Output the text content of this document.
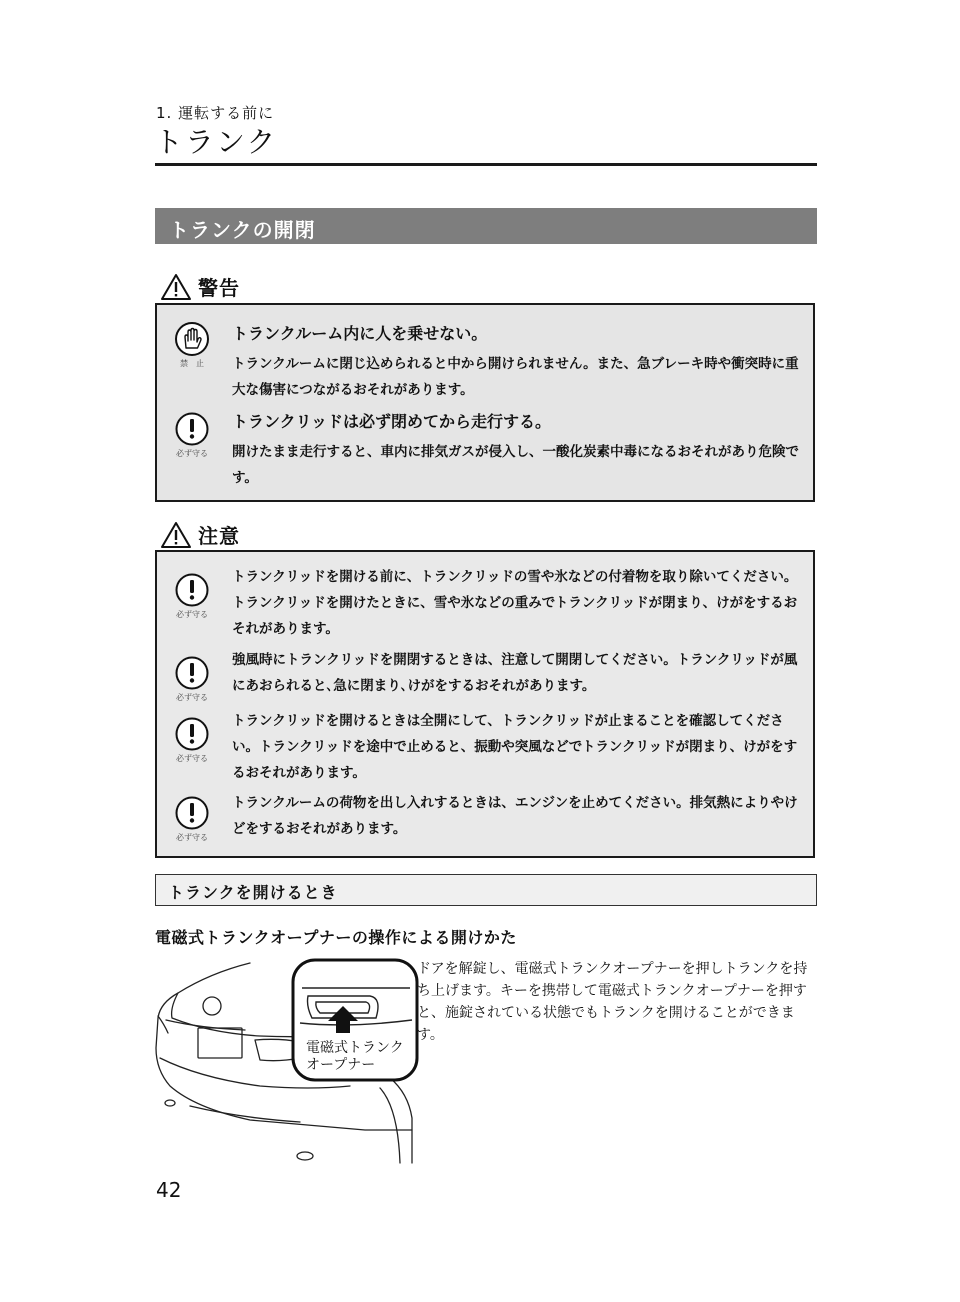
1. 運転する前に
トランク
トランクの開閉
警告
禁　止
トランクルーム内に人を乗せない。
トランクルームに閉じ込められると中から開けられません。また、急ブレーキ時や衝突時に重大な傷害につながるおそれがあります。
必ず守る
トランクリッドは必ず閉めてから走行する。
開けたまま走行すると、車内に排気ガスが侵入し、一酸化炭素中毒になるおそれがあり危険です。
注意
必ず守る
トランクリッドを開ける前に、トランクリッドの雪や氷などの付着物を取り除いてください。トランクリッドを開けたときに、雪や氷などの重みでトランクリッドが閉まり、けがをするおそれがあります。
必ず守る
強風時にトランクリッドを開閉するときは、注意して開閉してください。トランクリッドが風にあおられると､急に閉まり､けがをするおそれがあります。
必ず守る
トランクリッドを開けるときは全開にして、トランクリッドが止まることを確認してください。トランクリッドを途中で止めると、振動や突風などでトランクリッドが閉まり、けがをするおそれがあります。
必ず守る
トランクルームの荷物を出し入れするときは、エンジンを止めてください。排気熱によりやけどをするおそれがあります。
トランクを開けるとき
電磁式トランクオープナーの操作による開けかた
電磁式トランク
オープナー
ドアを解錠し、電磁式トランクオープナーを押しトランクを持ち上げます。キーを携帯して電磁式トランクオープナーを押すと、施錠されている状態でもトランクを開けることができます。
42
